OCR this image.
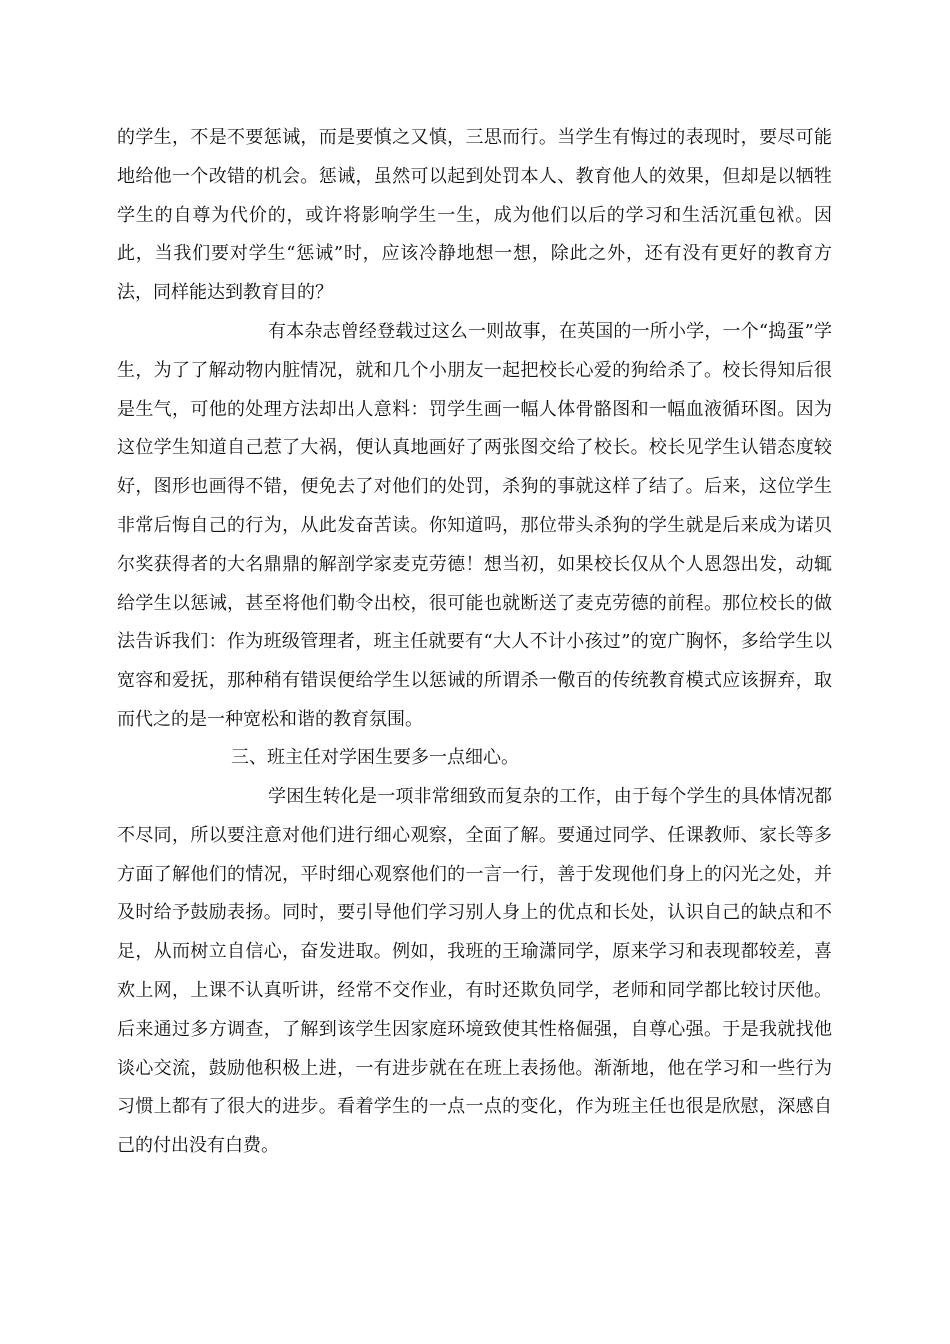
的学生，不是不要惩诫，而是要慎之又慎，三思而行。当学生有悔过的表现时，要尽可能地给他一个改错的机会。惩诫，虽然可以起到处罚本人、教育他人的效果，但却是以牺牲学生的自尊为代价的，或许将影响学生一生，成为他们以后的学习和生活沉重包袱。因此，当我们要对学生“惩诫”时，应该冷静地想一想，除此之外，还有没有更好的教育方法，同样能达到教育目的？

有本杂志曾经登载过这么一则故事，在英国的一所小学，一个“捣蛋”学生，为了了解动物内脏情况，就和几个小朋友一起把校长心爱的狗给杀了。校长得知后很是生气，可他的处理方法却出人意料：罚学生画一幅人体骨骼图和一幅血液循环图。因为这位学生知道自己惹了大祸，便认真地画好了两张图交给了校长。校长见学生认错态度较好，图形也画得不错，便免去了对他们的处罚，杀狗的事就这样了结了。后来，这位学生非常后悔自己的行为，从此发奋苦读。你知道吗，那位带头杀狗的学生就是后来成为诺贝尔奖获得者的大名鼎鼎的解剖学家麦克劳德！想当初，如果校长仅从个人恩怨出发，动辄给学生以惩诫，甚至将他们勒令出校，很可能也就断送了麦克劳德的前程。那位校长的做法告诉我们：作为班级管理者，班主任就要有“大人不计小孩过”的宽广胸怀，多给学生以宽容和爱抚，那种稍有错误便给学生以惩诫的所谓杀一儆百的传统教育模式应该摒弃，取而代之的是一种宽松和谐的教育氛围。

三、班主任对学困生要多一点细心。

学困生转化是一项非常细致而复杂的工作，由于每个学生的具体情况都不尽同，所以要注意对他们进行细心观察，全面了解。要通过同学、任课教师、家长等多方面了解他们的情况，平时细心观察他们的一言一行，善于发现他们身上的闪光之处，并及时给予鼓励表扬。同时，要引导他们学习别人身上的优点和长处，认识自己的缺点和不足，从而树立自信心，奋发进取。例如，我班的王瑜潇同学，原来学习和表现都较差，喜欢上网，上课不认真听讲，经常不交作业，有时还欺负同学，老师和同学都比较讨厌他。后来通过多方调查，了解到该学生因家庭环境致使其性格倔强，自尊心强。于是我就找他谈心交流，鼓励他积极上进，一有进步就在在班上表扬他。渐渐地，他在学习和一些行为习惯上都有了很大的进步。看着学生的一点一点的变化，作为班主任也很是欣慰，深感自己的付出没有白费。
